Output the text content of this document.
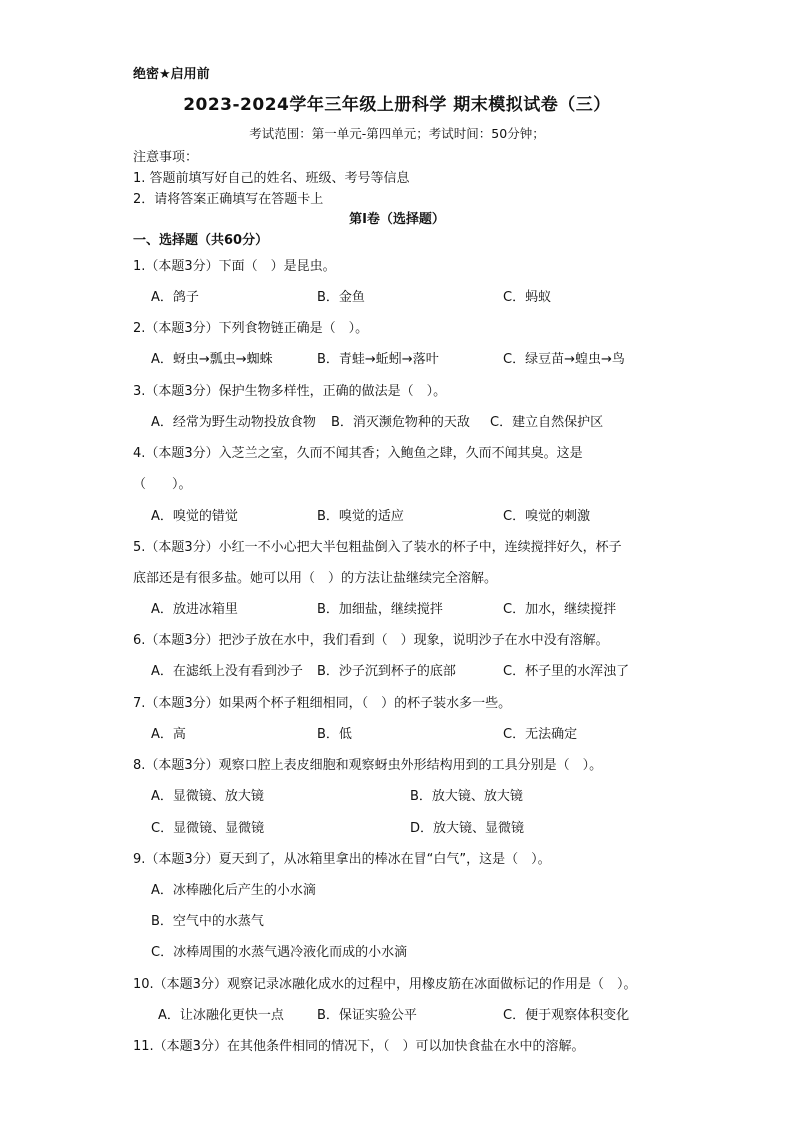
绝密★启用前
2023-2024学年三年级上册科学 期末模拟试卷（三）
考试范围：第一单元-第四单元；考试时间：50分钟；
注意事项：
1. 答题前填写好自己的姓名、班级、考号等信息
2．请将答案正确填写在答题卡上
第Ⅰ卷（选择题）
一、选择题（共60分）
1.（本题3分）下面（　）是昆虫。
A．鸽子	B．金鱼	C．蚂蚁
2.（本题3分）下列食物链正确是（　）。
A．蚜虫→瓢虫→蜘蛛	B．青蛙→蚯蚓→落叶	C．绿豆苗→蝗虫→鸟
3.（本题3分）保护生物多样性，正确的做法是（　）。
A．经常为野生动物投放食物 B．消灭濒危物种的天敌 C．建立自然保护区
4.（本题3分）入芝兰之室，久而不闻其香；入鲍鱼之肆，久而不闻其臭。这是
（　　）。
A．嗅觉的错觉	B．嗅觉的适应	C．嗅觉的刺激
5.（本题3分）小红一不小心把大半包粗盐倒入了装水的杯子中，连续搅拌好久，杯子
底部还是有很多盐。她可以用（　）的方法让盐继续完全溶解。
A．放进冰箱里	B．加细盐，继续搅拌	C．加水，继续搅拌
6.（本题3分）把沙子放在水中，我们看到（　）现象，说明沙子在水中没有溶解。
A．在滤纸上没有看到沙子 B．沙子沉到杯子的底部	C．杯子里的水浑浊了
7.（本题3分）如果两个杯子粗细相同，（　）的杯子装水多一些。
A．高	B．低	C．无法确定
8.（本题3分）观察口腔上表皮细胞和观察蚜虫外形结构用到的工具分别是（　）。
A．显微镜、放大镜	B．放大镜、放大镜
C．显微镜、显微镜	D．放大镜、显微镜
9.（本题3分）夏天到了，从冰箱里拿出的棒冰在冒“白气”，这是（　）。
A．冰棒融化后产生的小水滴
B．空气中的水蒸气
C．冰棒周围的水蒸气遇冷液化而成的小水滴
10.（本题3分）观察记录冰融化成水的过程中，用橡皮筋在冰面做标记的作用是（　）。
A．让冰融化更快一点	B．保证实验公平	C．便于观察体积变化
11.（本题3分）在其他条件相同的情况下，（　）可以加快食盐在水中的溶解。
